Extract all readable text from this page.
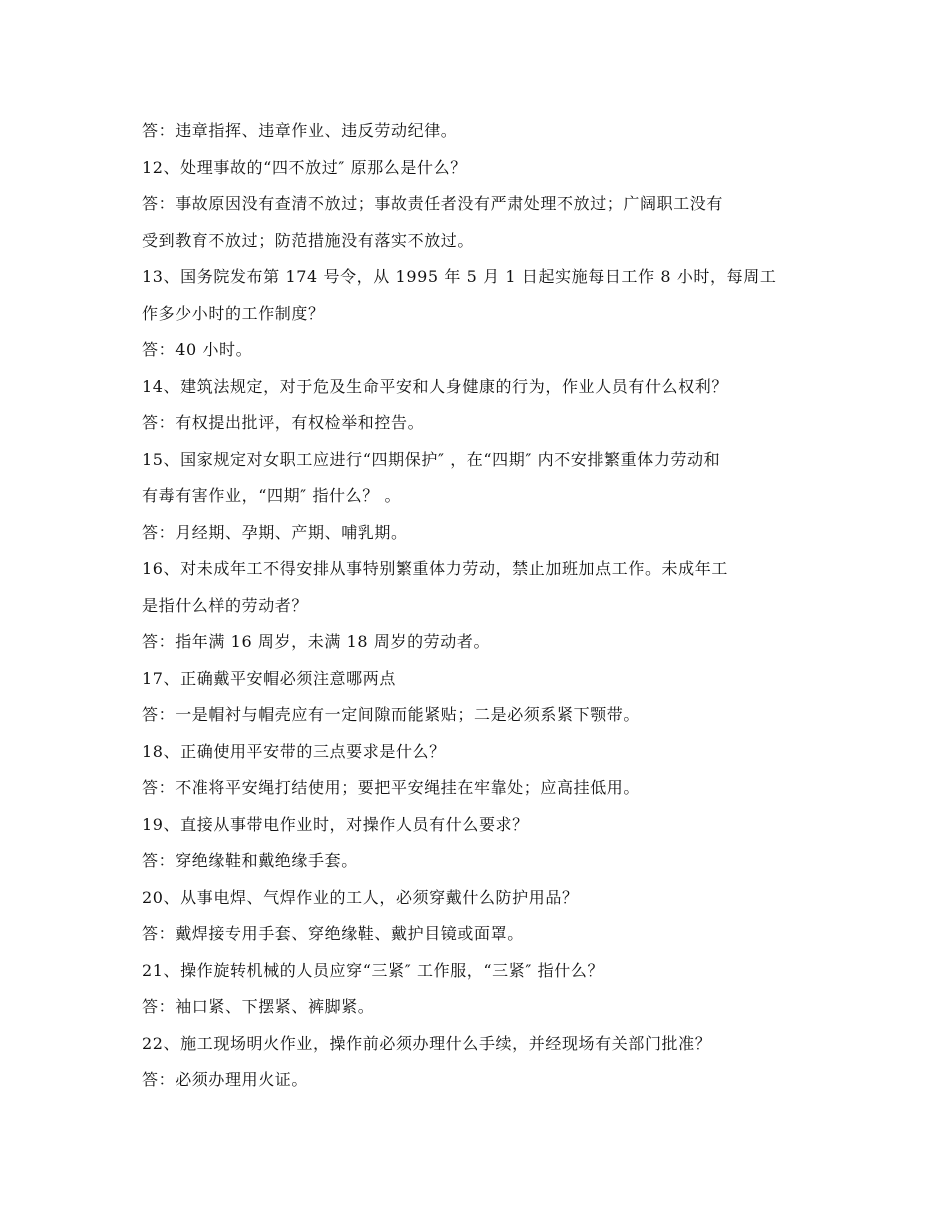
答：违章指挥、违章作业、违反劳动纪律。
12、处理事故的“四不放过″ 原那么是什么？
答：事故原因没有查清不放过；事故责任者没有严肃处理不放过；广阔职工没有
受到教育不放过；防范措施没有落实不放过。
13、国务院发布第 174 号令，从 1995 年 5 月 1 日起实施每日工作 8 小时，每周工
作多少小时的工作制度？
答：40 小时。
14、建筑法规定，对于危及生命平安和人身健康的行为，作业人员有什么权利？
答：有权提出批评，有权检举和控告。
15、国家规定对女职工应进行“四期保护″ ，在“四期″ 内不安排繁重体力劳动和
有毒有害作业，“四期″ 指什么？ 。
答：月经期、孕期、产期、哺乳期。
16、对未成年工不得安排从事特别繁重体力劳动，禁止加班加点工作。未成年工
是指什么样的劳动者？
答：指年满 16 周岁，未满 18 周岁的劳动者。
17、正确戴平安帽必须注意哪两点
答：一是帽衬与帽壳应有一定间隙而能紧贴；二是必须系紧下颚带。
18、正确使用平安带的三点要求是什么？
答：不准将平安绳打结使用；要把平安绳挂在牢靠处；应高挂低用。
19、直接从事带电作业时，对操作人员有什么要求？
答：穿绝缘鞋和戴绝缘手套。
20、从事电焊、气焊作业的工人，必须穿戴什么防护用品？
答：戴焊接专用手套、穿绝缘鞋、戴护目镜或面罩。
21、操作旋转机械的人员应穿“三紧″ 工作服，“三紧″ 指什么？
答：袖口紧、下摆紧、裤脚紧。
22、施工现场明火作业，操作前必须办理什么手续，并经现场有关部门批准？
答：必须办理用火证。
